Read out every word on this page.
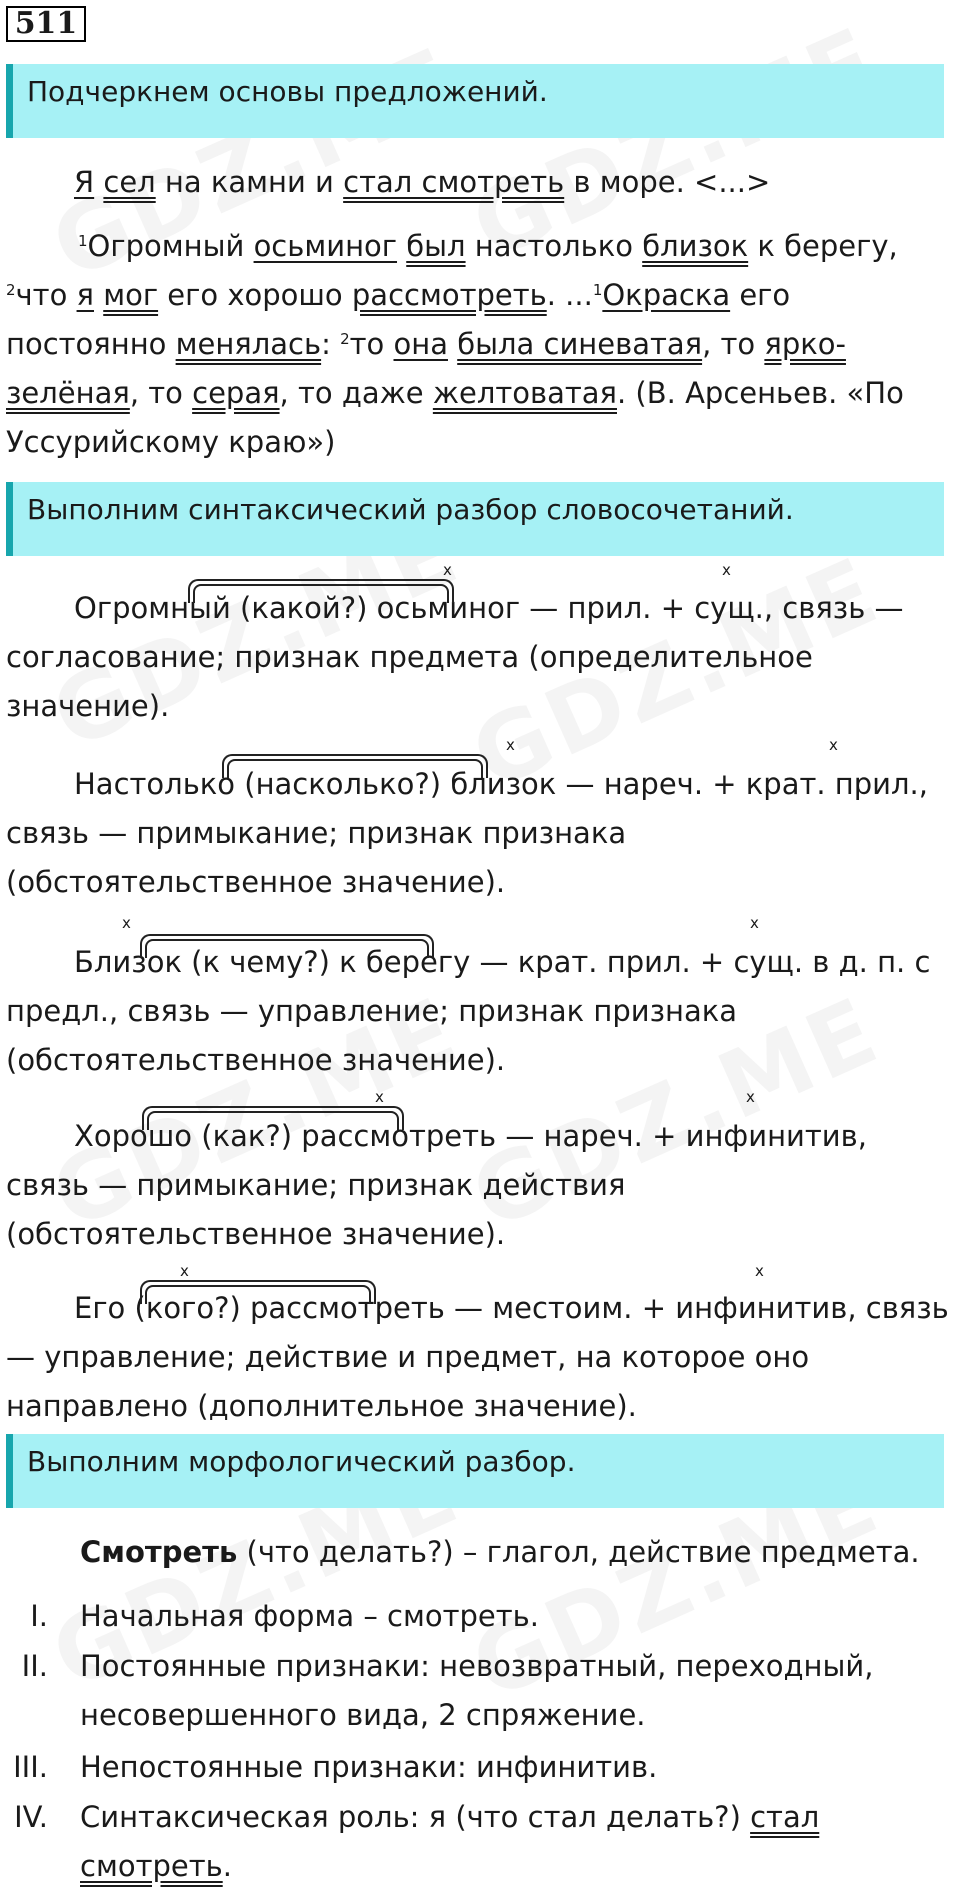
511
Подчеркнем основы предложений.
Я сел на камни и стал смотреть в море. <...>
$^1$Огромный осьминог был настолько близок к берегу,
$^2$что я мог его хорошо рассмотреть. ...$^1$Окраска его постоянно менялась: $^2$то она была синеватая, то ярко-зелёная, то серая, то даже желтоватая. (В. Арсеньев. «По Уссурийскому краю»)
Выполним синтаксический разбор словосочетаний.
Огромный (какой?) осьминог — прил. + сущ., связь — согласование; признак предмета (определительное значение).
Настолько (насколько?) близок — нареч. + крат. прил., связь — примыкание; признак признака (обстоятельственное значение).
Близок (к чему?) к берегу — крат. прил. + сущ. в д. п. с предл., связь — управление; признак признака (обстоятельственное значение).
Хорошо (как?) рассмотреть — нареч. + инфинитив, связь — примыкание; признак действия (обстоятельственное значение).
Его (кого?) рассмотреть — местоим. + инфинитив, связь — управление; действие и предмет, на которое оно направлено (дополнительное значение).
x	x
x	x
x	x
x	x
x	x
Выполним морфологический разбор.
Смотреть (что делать?) – глагол, действие предмета.
I. Начальная форма – смотреть.
II. Постоянные признаки: невозвратный, переходный, несовершенного вида, 2 спряжение.
III. Непостоянные признаки: инфинитив.
IV. Синтаксическая роль: я (что стал делать?) стал смотреть.
